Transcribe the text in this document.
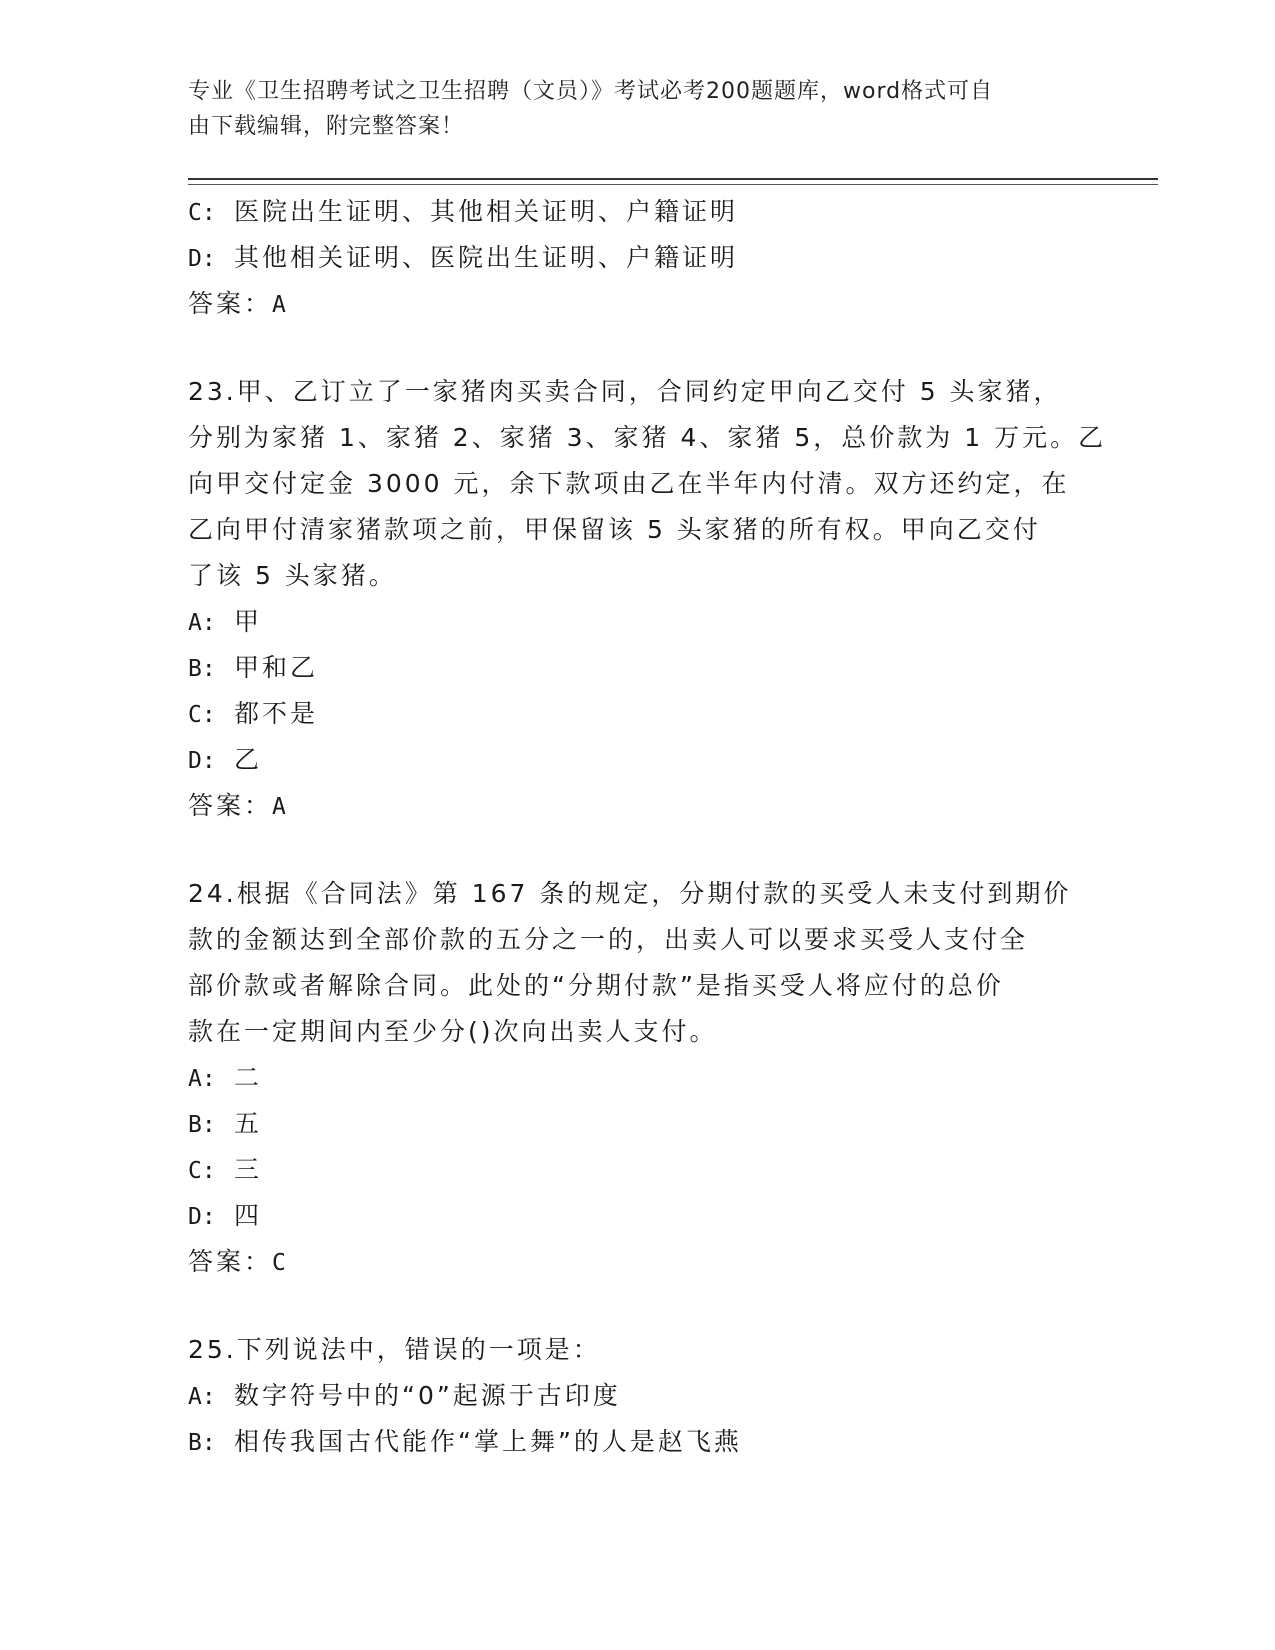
专业《卫生招聘考试之卫生招聘（文员）》考试必考200题题库，word格式可自
由下载编辑，附完整答案！
C: 医院出生证明、其他相关证明、户籍证明
D: 其他相关证明、医院出生证明、户籍证明
答案：A
23.甲、乙订立了一家猪肉买卖合同，合同约定甲向乙交付 5 头家猪，
分别为家猪 1、家猪 2、家猪 3、家猪 4、家猪 5，总价款为 1 万元。乙
向甲交付定金 3000 元，余下款项由乙在半年内付清。双方还约定，在
乙向甲付清家猪款项之前，甲保留该 5 头家猪的所有权。甲向乙交付
了该 5 头家猪。
A: 甲
B: 甲和乙
C: 都不是
D: 乙
答案：A
24.根据《合同法》第 167 条的规定，分期付款的买受人未支付到期价
款的金额达到全部价款的五分之一的，出卖人可以要求买受人支付全
部价款或者解除合同。此处的“分期付款”是指买受人将应付的总价
款在一定期间内至少分()次向出卖人支付。
A: 二
B: 五
C: 三
D: 四
答案：C
25.下列说法中，错误的一项是：
A: 数字符号中的“0”起源于古印度
B: 相传我国古代能作“掌上舞”的人是赵飞燕
